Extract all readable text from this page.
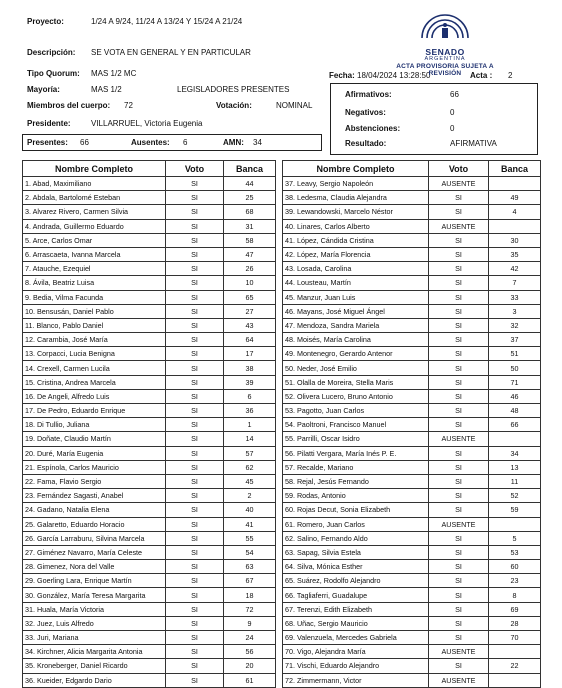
Proyecto:	1/24 A 9/24, 11/24 A 13/24 Y 15/24 A 21/24
Descripción: SE VOTA EN GENERAL Y EN PARTICULAR
Tipo Quorum: MAS 1/2 MC	Fecha: 18/04/2024 13:28:50	Acta : 2
Mayoría:	MAS 1/2	LEGISLADORES PRESENTES
Miembros del cuerpo: 72	Votación:	NOMINAL
Presidente:	VILLARRUEL, Victoria Eugenia
SENADO
ARGENTINA
ACTA PROVISORIA SUJETA A REVISIÓN
Afirmativos:	66
Negativos:	0
Abstenciones:	0
Resultado:	AFIRMATIVA
Presentes: 66	Ausentes: 6	AMN: 34
Nombre Completo	Voto	Banca
1. Abad, Maximiliano	SI	44
2. Abdala, Bartolomé Esteban	SI	25
3. Alvarez Rivero, Carmen Silvia	SI	68
4. Andrada, Guillermo Eduardo	SI	31
5. Arce, Carlos Omar	SI	58
6. Arrascaeta, Ivanna Marcela	SI	47
7. Atauche, Ezequiel	SI	26
8. Ávila, Beatriz Luisa	SI	10
9. Bedia, Vilma Facunda	SI	65
10. Bensusán, Daniel Pablo	SI	27
11. Blanco, Pablo Daniel	SI	43
12. Carambia, José María	SI	64
13. Corpacci, Lucia Benigna	SI	17
14. Crexell, Carmen Lucila	SI	38
15. Cristina, Andrea Marcela	SI	39
16. De Angeli, Alfredo Luis	SI	6
17. De Pedro, Eduardo Enrique	SI	36
18. Di Tullio, Juliana	SI	1
19. Doñate, Claudio Martín	SI	14
20. Duré, María Eugenia	SI	57
21. Espínola, Carlos Mauricio	SI	62
22. Fama, Flavio Sergio	SI	45
23. Fernández Sagasti, Anabel	SI	2
24. Gadano, Natalia Elena	SI	40
25. Galaretto, Eduardo Horacio	SI	41
26. García Larraburu, Silvina Marcela	SI	55
27. Giménez Navarro, María Celeste	SI	54
28. Gimenez, Nora del Valle	SI	63
29. Goerling Lara, Enrique Martín	SI	67
30. González, María Teresa Margarita	SI	18
31. Huala, María Victoria	SI	72
32. Juez, Luis Alfredo	SI	9
33. Juri, Mariana	SI	24
34. Kirchner, Alicia Margarita Antonia	SI	56
35. Kroneberger, Daniel Ricardo	SI	20
36. Kueider, Edgardo Dario	SI	61
Nombre Completo	Voto	Banca
37. Leavy, Sergio Napoleón	AUSENTE	
38. Ledesma, Claudia Alejandra	SI	49
39. Lewandowski, Marcelo Néstor	SI	4
40. Linares, Carlos Alberto	AUSENTE	
41. López, Cándida Cristina	SI	30
42. López, María Florencia	SI	35
43. Losada, Carolina	SI	42
44. Lousteau, Martín	SI	7
45. Manzur, Juan Luis	SI	33
46. Mayans, José Miguel Ángel	SI	3
47. Mendoza, Sandra Mariela	SI	32
48. Moisés, María Carolina	SI	37
49. Montenegro, Gerardo Antenor	SI	51
50. Neder, José Emilio	SI	50
51. Olalla de Moreira, Stella Maris	SI	71
52. Olivera Lucero, Bruno Antonio	SI	46
53. Pagotto, Juan Carlos	SI	48
54. Paoltroni, Francisco Manuel	SI	66
55. Parrilli, Oscar Isidro	AUSENTE	
56. Pilatti Vergara, María Inés P. E.	SI	34
57. Recalde, Mariano	SI	13
58. Rejal, Jesús Fernando	SI	11
59. Rodas, Antonio	SI	52
60. Rojas Decut, Sonia Elizabeth	SI	59
61. Romero, Juan Carlos	AUSENTE	
62. Salino, Fernando Aldo	SI	5
63. Sapag, Silvia Estela	SI	53
64. Silva, Mónica Esther	SI	60
65. Suárez, Rodolfo Alejandro	SI	23
66. Tagliaferri, Guadalupe	SI	8
67. Terenzi, Edith Elizabeth	SI	69
68. Uñac, Sergio Mauricio	SI	28
69. Valenzuela, Mercedes Gabriela	SI	70
70. Vigo, Alejandra María	AUSENTE	
71. Vischi, Eduardo Alejandro	SI	22
72. Zimmermann, Victor	AUSENTE	
